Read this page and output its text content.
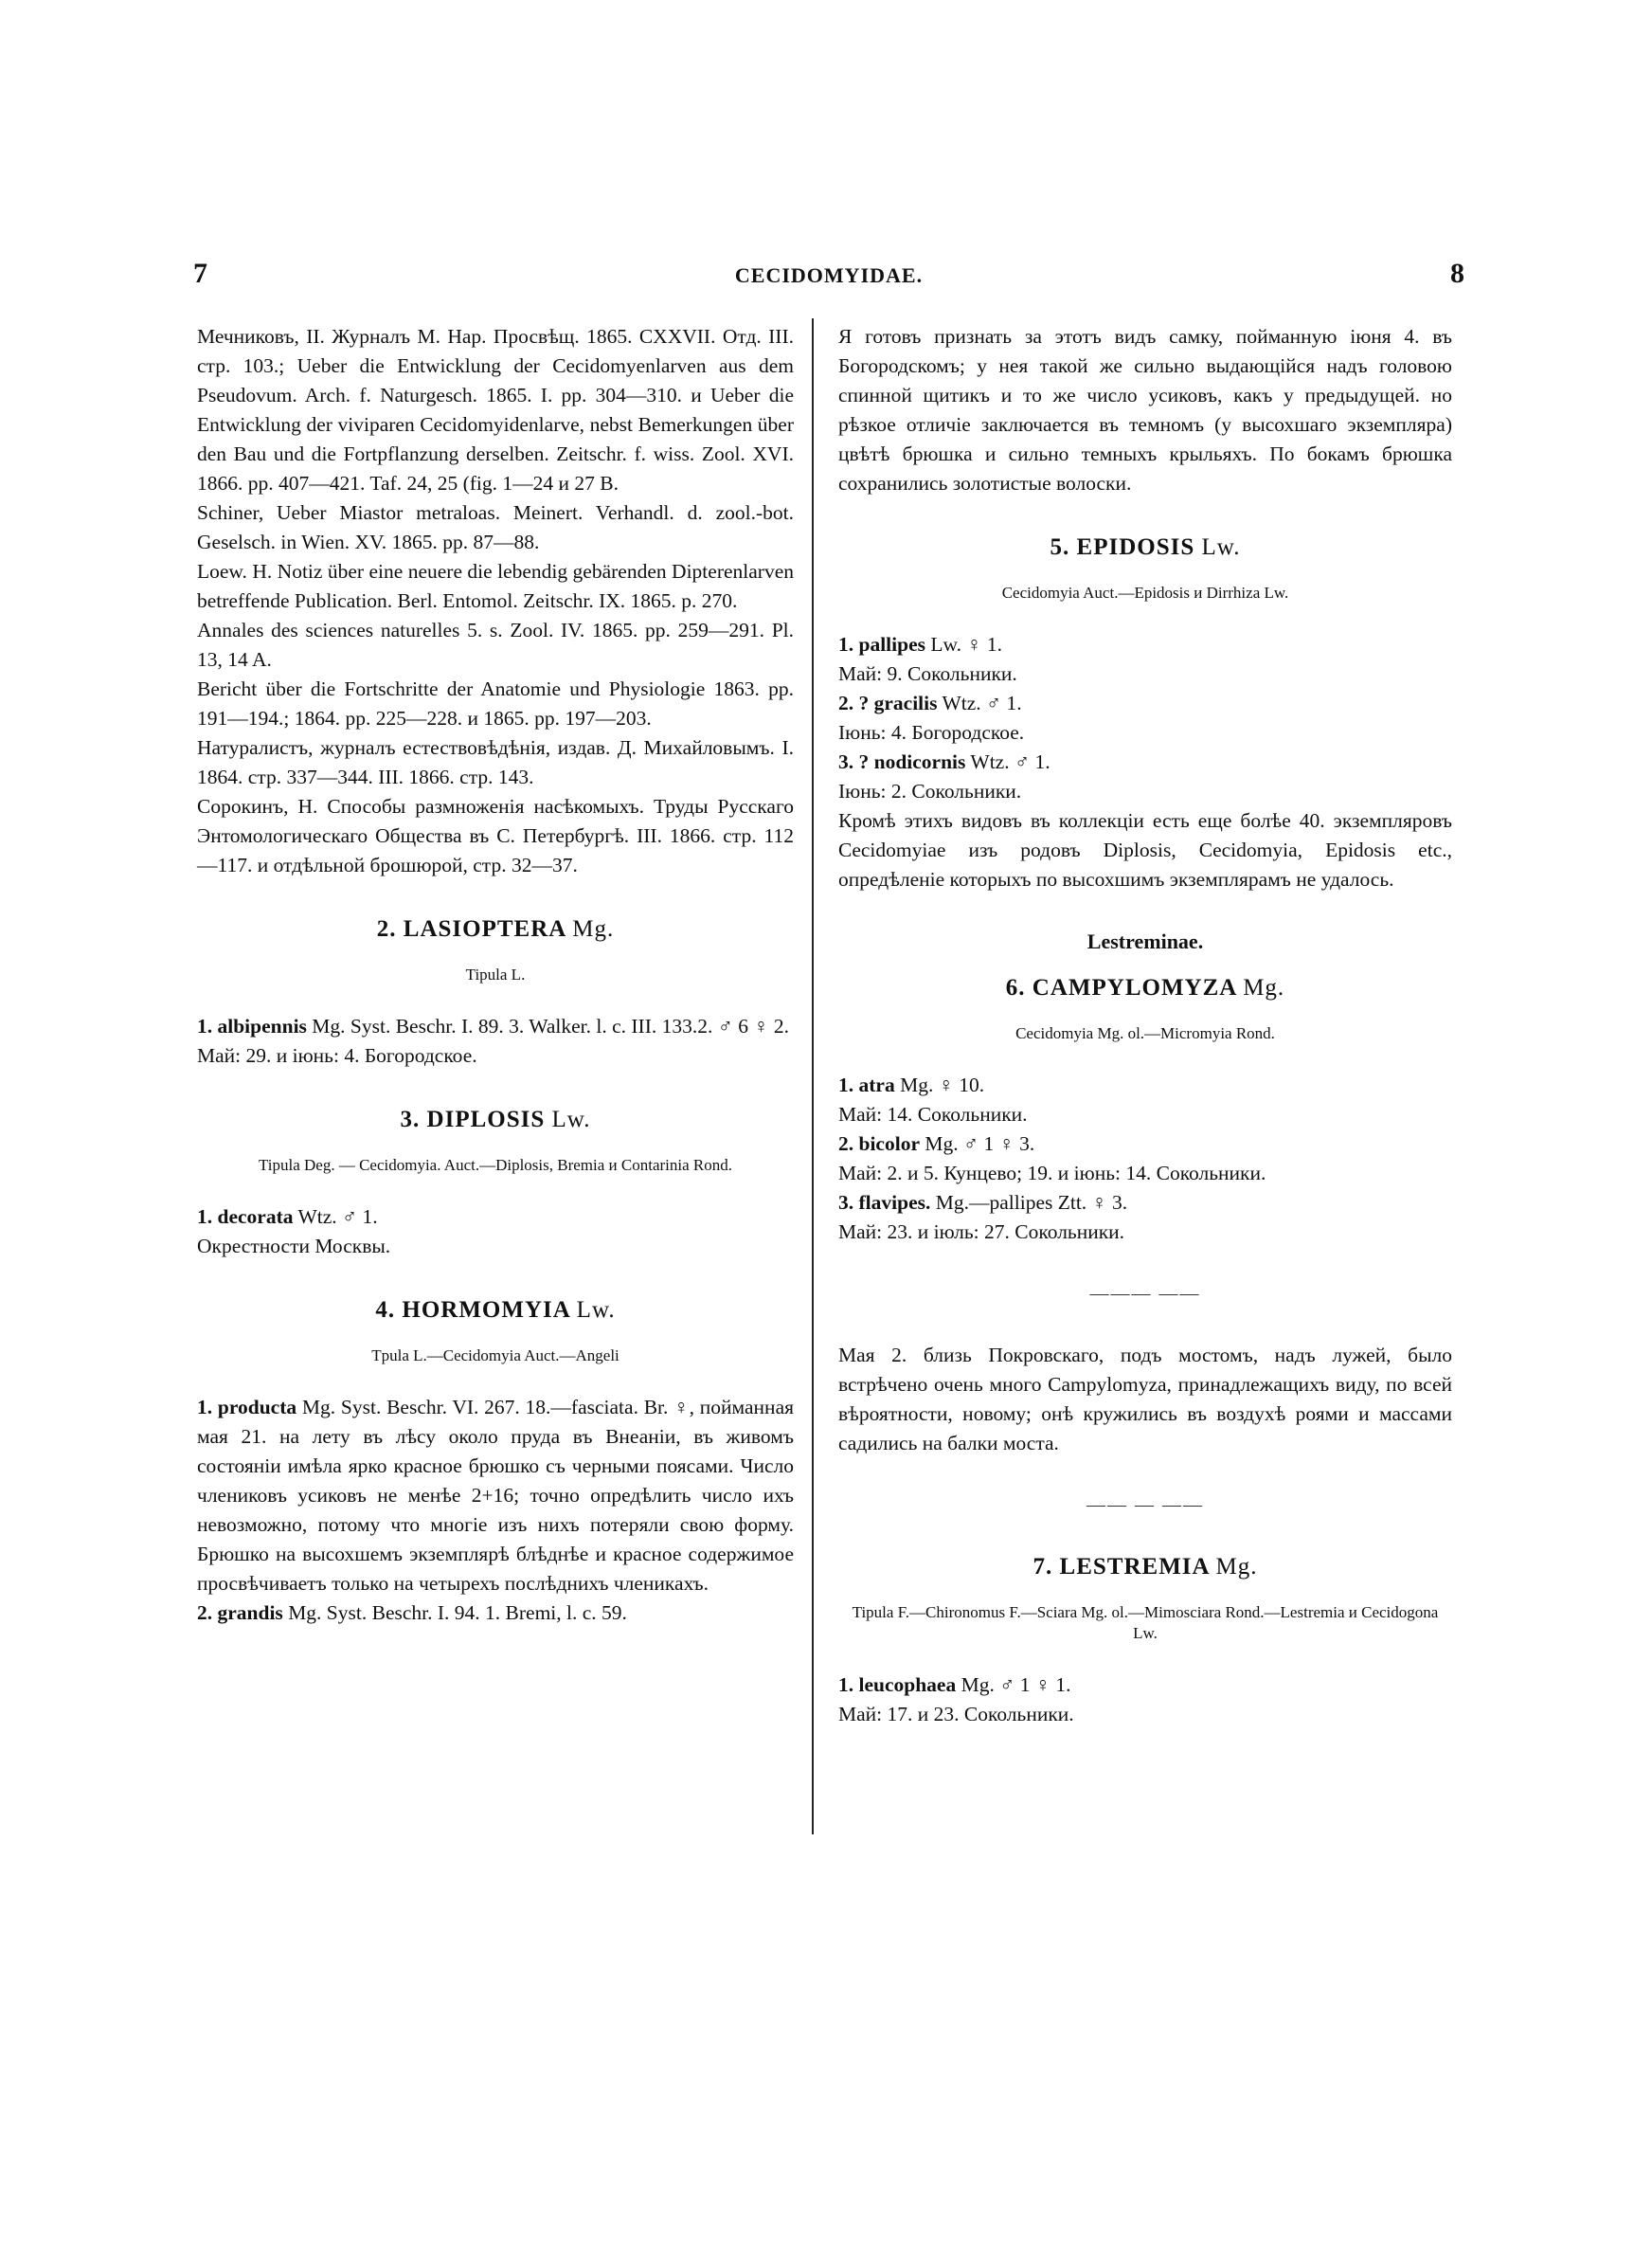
7	CECIDOMYIDAE.	8

Мечниковъ, II. Журналъ М. Нар. Просвѣщ. 1865. CXXVII. Отд. III. стр. 103.; Ueber die Entwicklung der Cecidomyenlarven aus dem Pseudovum. Arch. f. Naturgesch. 1865. I. pp. 304—310. и Ueber die Entwicklung der viviparen Cecidomyidenlarve, nebst Bemerkungen über den Bau und die Fortpflanzung derselben. Zeitschr. f. wiss. Zool. XVI. 1866. pp. 407—421. Taf. 24, 25 (fig. 1—24 и 27 B.

Schiner, Ueber Miastor metraloas. Meinert. Verhandl. d. zool.-bot. Geselsch. in Wien. XV. 1865. pp. 87—88.

Loew. H. Notiz über eine neuere die lebendig gebärenden Dipterenlarven betreffende Publication. Berl. Entomol. Zeitschr. IX. 1865. p. 270.

Annales des sciences naturelles 5. s. Zool. IV. 1865. pp. 259—291. Pl. 13, 14 A.

Bericht über die Fortschritte der Anatomie und Physiologie 1863. pp. 191—194.; 1864. pp. 225—228. и 1865. pp. 197—203.

Натуралистъ, журналъ естествовѣдѣнія, издав. Д. Михайловымъ. I. 1864. стр. 337—344. III. 1866. стр. 143.

Сорокинъ, Н. Способы размноженія насѣкомыхъ. Труды Русскаго Энтомологическаго Общества въ С. Петербургѣ. III. 1866. стр. 112—117. и отдѣльной брошюрой, стр. 32—37.

2. LASIOPTERA Mg.
Tipula L.

1. albipennis Mg. Syst. Beschr. I. 89. 3. Walker. l. c. III. 133.2. ♂ 6 ♀ 2.

Май: 29. и іюнь: 4. Богородское.

3. DIPLOSIS Lw.
Tipula Deg. — Cecidomyia. Auct.—Diplosis, Bremia и Contarinia Rond.

1. decorata Wtz. ♂ 1.

Окрестности Москвы.

4. HORMOMYIA Lw.
Tpula L.—Cecidomyia Auct.—Angeli

1. producta Mg. Syst. Beschr. VI. 267. 18.—fasciata. Br. ♀, пойманная мая 21. на лету въ лѣсу около пруда въ Внеаніи, въ живомъ состояніи имѣла ярко красное брюшко съ черными поясами. Число члениковъ усиковъ не менѣе 2+16; точно опредѣлить число ихъ невозможно, потому что многіе изъ нихъ потеряли свою форму. Брюшко на высохшемъ экземплярѣ блѣднѣе и красное содержимое просвѣчиваетъ только на четырехъ послѣднихъ членикахъ.

2. grandis Mg. Syst. Beschr. I. 94. 1. Bremi, l. c. 59.

Я готовъ признать за этотъ видъ самку, пойманную іюня 4. въ Богородскомъ; у нея такой же сильно выдающійся надъ головою спинной щитикъ и то же число усиковъ, какъ у предыдущей. но рѣзкое отличіе заключается въ темномъ (у высохшаго экземпляра) цвѣтѣ брюшка и сильно темныхъ крыльяхъ. По бокамъ брюшка сохранились золотистые волоски.

5. EPIDOSIS Lw.
Cecidomyia Auct.—Epidosis и Dirrhiza Lw.

1. pallipes Lw. ♀ 1.

Май: 9. Сокольники.

2. ? gracilis Wtz. ♂ 1.

Іюнь: 4. Богородское.

3. ? nodicornis Wtz. ♂ 1.

Іюнь: 2. Сокольники.

Кромѣ этихъ видовъ въ коллекціи есть еще болѣе 40. экземпляровъ Cecidomyiae изъ родовъ Diplosis, Cecidomyia, Epidosis etc., опредѣленіе которыхъ по высохшимъ экземплярамъ не удалось.

Lestreminae.
6. CAMPYLOMYZA Mg.
Cecidomyia Mg. ol.—Micromyia Rond.

1. atra Mg. ♀ 10.

Май: 14. Сокольники.

2. bicolor Mg. ♂ 1 ♀ 3.

Май: 2. и 5. Кунцево; 19. и іюнь: 14. Сокольники.

3. flavipes. Mg.—pallipes Ztt. ♀ 3.

Май: 23. и іюль: 27. Сокольники.

——— ——

Мая 2. близь Покровскаго, подъ мостомъ, надъ лужей, было встрѣчено очень много Campylomyza, принадлежащихъ виду, по всей вѣроятности, новому; онѣ кружились въ воздухѣ роями и массами садились на балки моста.

—— — ——
7. LESTREMIA Mg.
Tipula F.—Chironomus F.—Sciara Mg. ol.—Mimosciara Rond.—Lestremia и Cecidogona Lw.

1. leucophaea Mg. ♂ 1 ♀ 1.

Май: 17. и 23. Сокольники.
